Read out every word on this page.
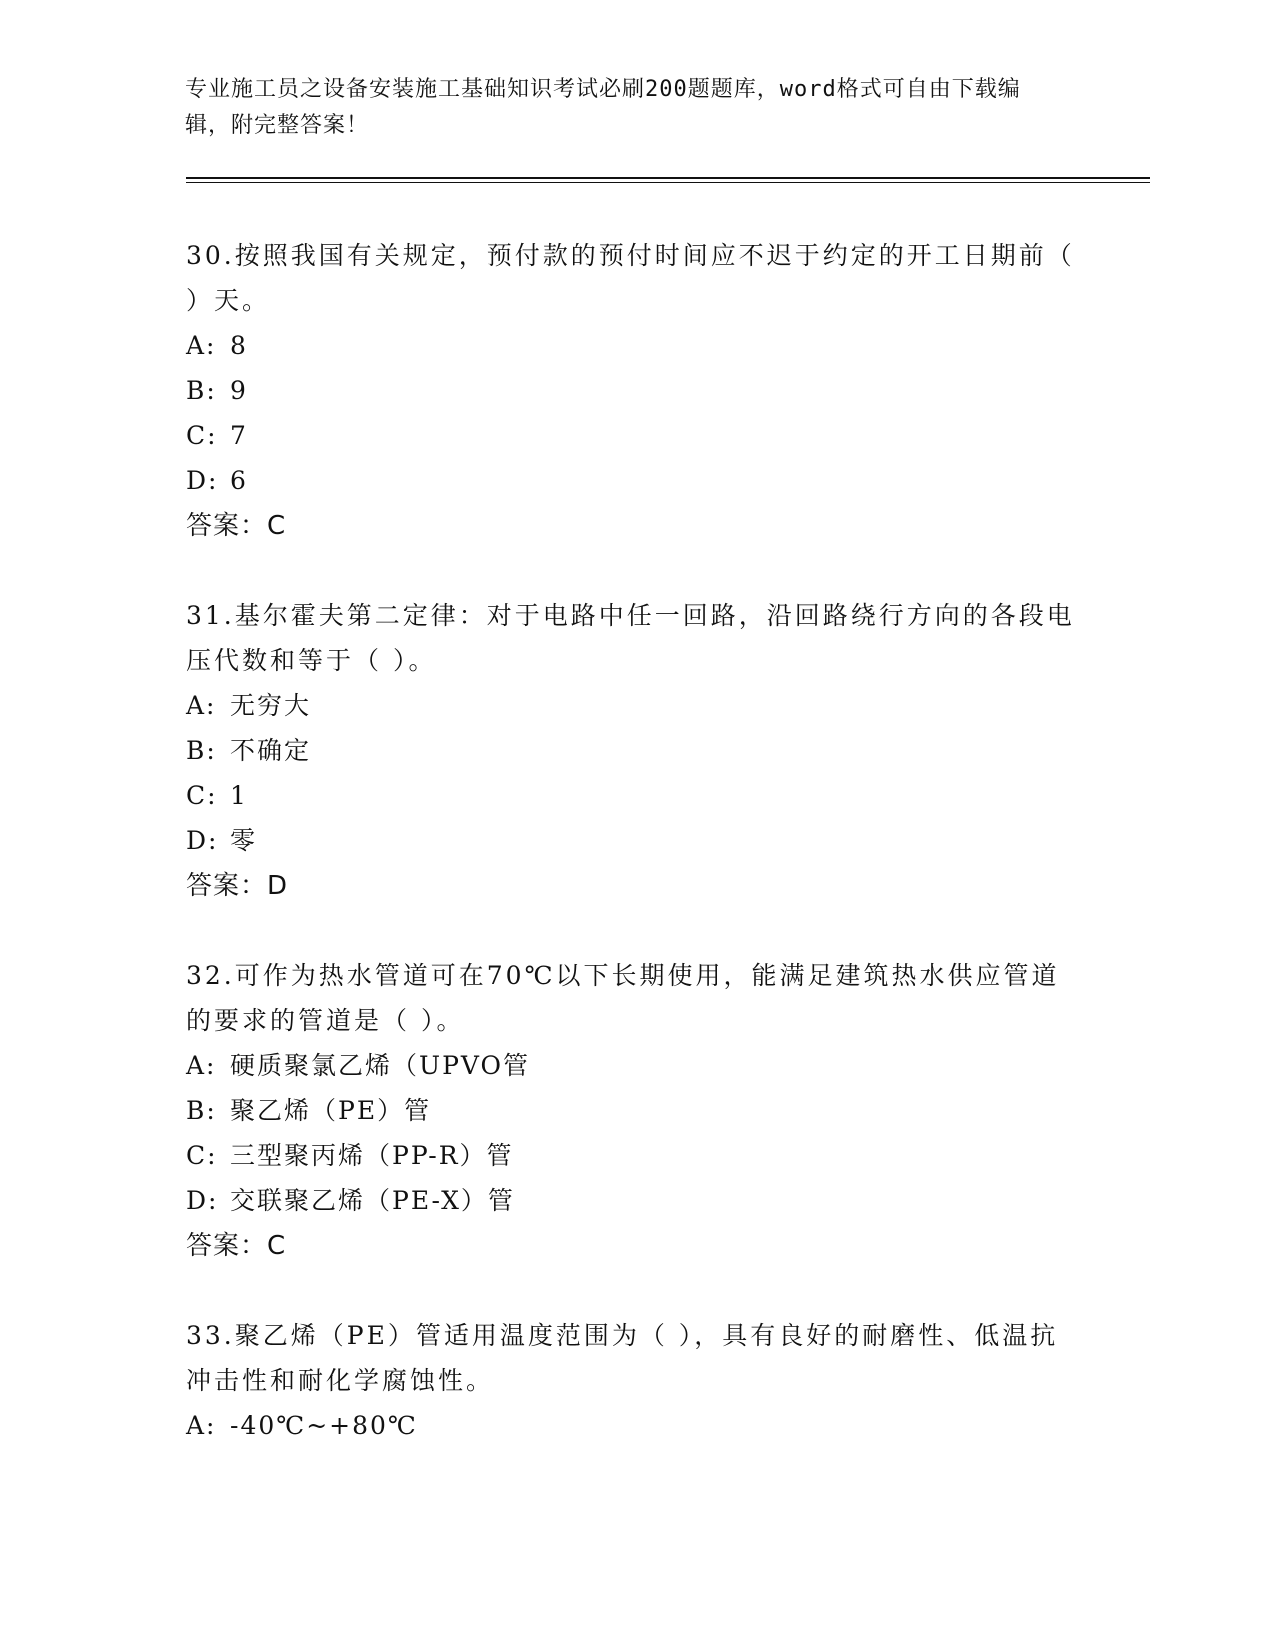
专业施工员之设备安装施工基础知识考试必刷200题题库，word格式可自由下载编辑，附完整答案！

30.按照我国有关规定，预付款的预付时间应不迟于约定的开工日期前（ ）天。

A: 8

B: 9

C: 7

D: 6

答案：C

31.基尔霍夫第二定律：对于电路中任一回路，沿回路绕行方向的各段电压代数和等于（ ）。

A: 无穷大

B: 不确定

C: 1

D: 零

答案：D

32.可作为热水管道可在70℃以下长期使用，能满足建筑热水供应管道的要求的管道是（ ）。

A: 硬质聚氯乙烯（UPVO管

B: 聚乙烯（PE）管

C: 三型聚丙烯（PP-R）管

D: 交联聚乙烯（PE-X）管

答案：C

33.聚乙烯（PE）管适用温度范围为（ ），具有良好的耐磨性、低温抗冲击性和耐化学腐蚀性。

A: -40℃~+80℃
